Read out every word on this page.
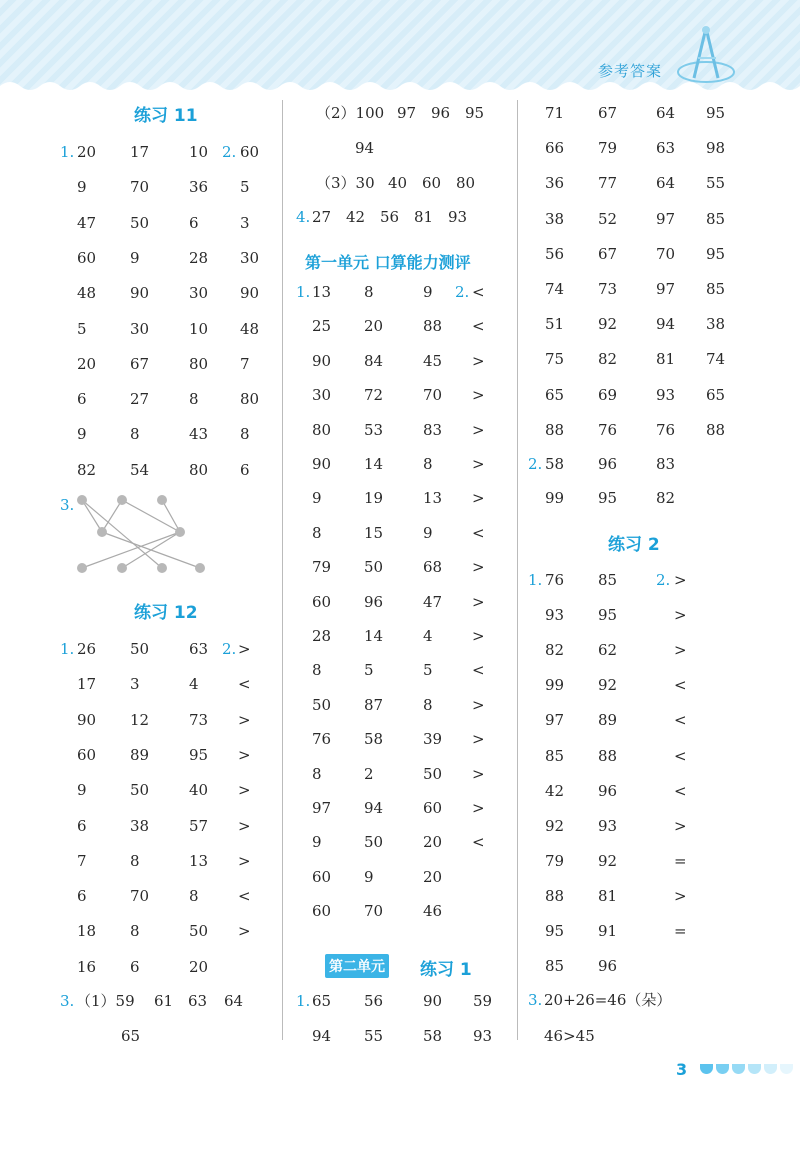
参考答案
练习 11
1.	2.
20 17	10 60
9	70	36 5
47 50	6	3
60 9	28 30
48 90	30 90
5	30	10 48
20 67	80 7
6	27	8	80
9	8	43 8
82 54	80 6
3.
练习 12
1.	2.
26 50	63 >
17 3	4	<
90 12	73 >
60 89	95 >
9	50	40 >
6	38	57 >
7	8	13 >
6	70	8	<
18 8	50 >
16 6	20
3. （1）59 61 63 64
65
（2）100 97 96 95
94
（3）30 40 60 80
4. 27 42 56 81 93
第一单元 口算能力测评
1.	2.
13 8	9	<
25 20	88 <
90 84	45 >
30 72	70 >
80 53	83 >
90 14	8	>
9	19	13 >
8	15	9	<
79 50	68 >
60 96	47 >
28 14	4	>
8	5	5	<
50 87	8	>
76 58	39 >
8	2	50 >
97 94	60 >
9	50	20 <
60 9	20
60 70	46
第二单元 练习 1
1. 65 56	90 59
94 55	58 93
71 67	64 95
66 79	63 98
36 77	64 55
38 52	97 85
56 67	70 95
74 73	97 85
51 92	94 38
75 82	81 74
65 69	93 65
88 76	76 88
2. 58 96	83
99 95	82
练习 2
1.	2.
76 85	>
93 95	>
82 62	>
99 92	<
97 89	<
85 88	<
42 96	<
92 93	>
79 92	=
88 81	>
95 91	=
85 96
3. 20+26=46（朵）
46>45
3
